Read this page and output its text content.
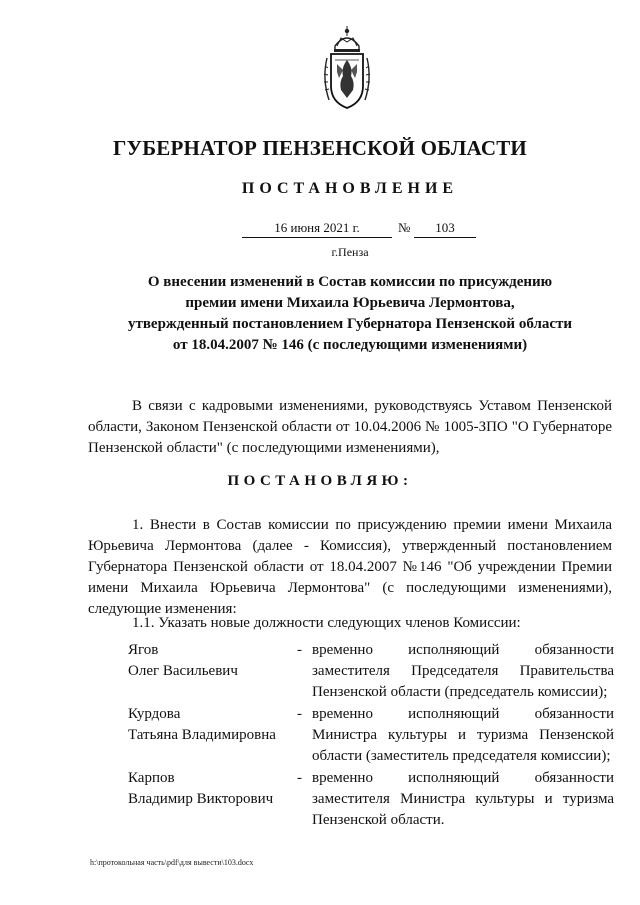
ГУБЕРНАТОР ПЕНЗЕНСКОЙ ОБЛАСТИ
ПОСТАНОВЛЕНИЕ
16 июня 2021 г.	№	103
г.Пенза
О внесении изменений в Состав комиссии по присуждению
премии имени Михаила Юрьевича Лермонтова,
утвержденный постановлением Губернатора Пензенской области
от 18.04.2007 № 146 (с последующими изменениями)
В связи с кадровыми изменениями, руководствуясь Уставом Пензенской области, Законом Пензенской области от 10.04.2006 № 1005-ЗПО "О Губернаторе Пензенской области" (с последующими изменениями),
ПОСТАНОВЛЯЮ:
1. Внести в Состав комиссии по присуждению премии имени Михаила Юрьевича Лермонтова (далее - Комиссия), утвержденный постановлением Губернатора Пензенской области от 18.04.2007 №146 "Об учреждении Премии имени Михаила Юрьевича Лермонтова" (с последующими изменениями), следующие изменения:
1.1. Указать новые должности следующих членов Комиссии:
Ягов
Олег Васильевич
- временно исполняющий обязанности заместителя Председателя Правительства Пензенской области (председатель комиссии);
Курдова
Татьяна Владимировна
- временно исполняющий обязанности Министра культуры и туризма Пензенской области (заместитель председателя комиссии);
Карпов
Владимир Викторович
- временно исполняющий обязанности заместителя Министра культуры и туризма Пензенской области.
h:\протокольная часть\pdf\для вывести\103.docx
